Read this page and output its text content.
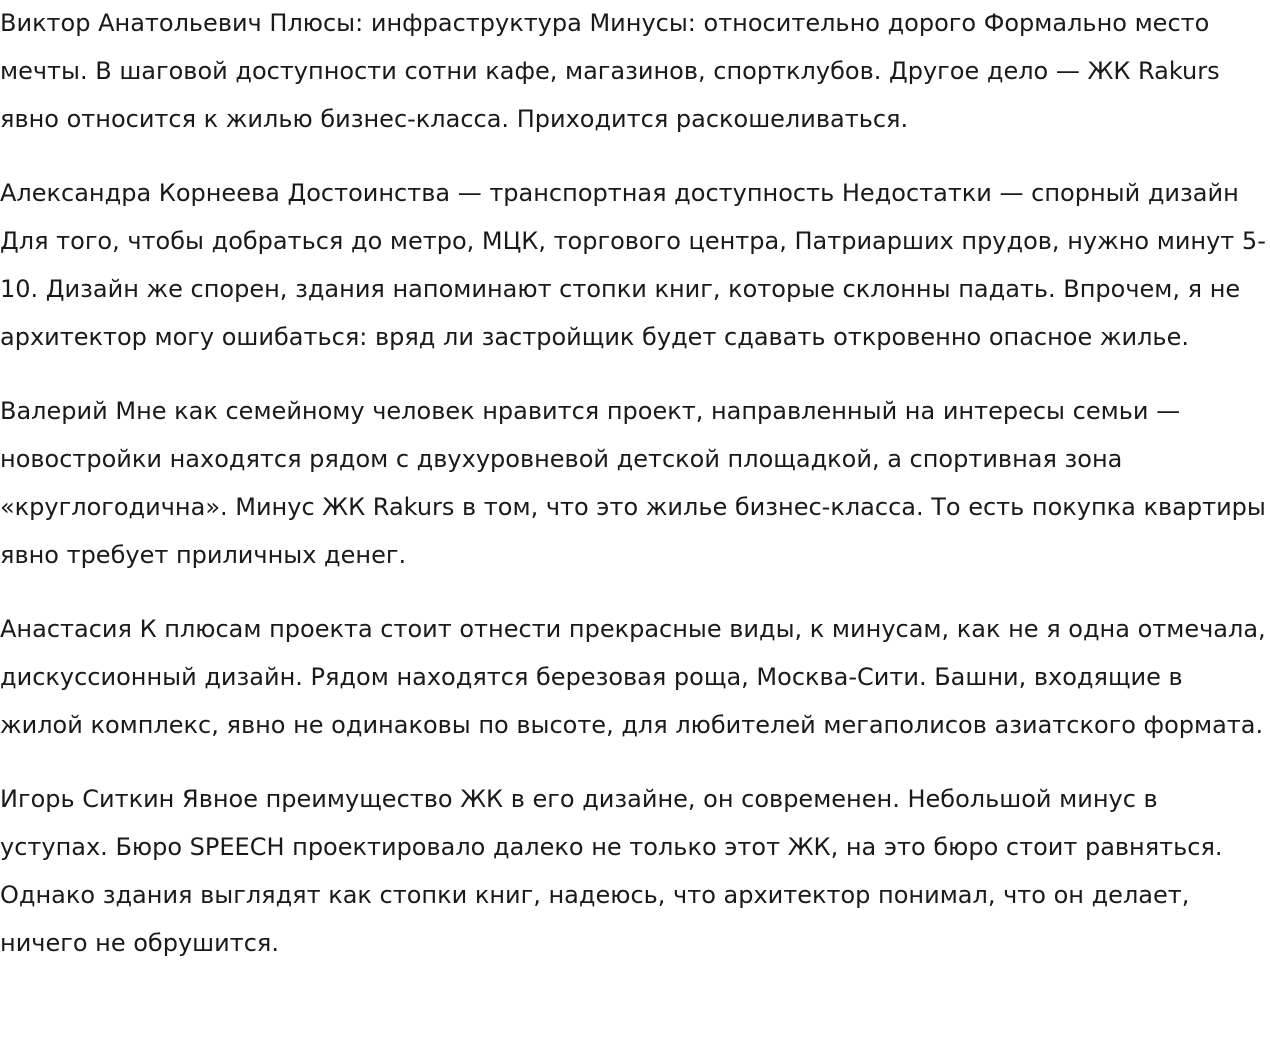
Виктор Анатольевич Плюсы: инфраструктура Минусы: относительно дорого Формально место мечты. В шаговой доступности сотни кафе, магазинов, спортклубов. Другое дело — ЖК Rakurs явно относится к жилью бизнес-класса. Приходится раскошеливаться.

Александра Корнеева Достоинства — транспортная доступность Недостатки — спорный дизайн Для того, чтобы добраться до метро, МЦК, торгового центра, Патриарших прудов, нужно минут 5-10. Дизайн же спорен, здания напоминают стопки книг, которые склонны падать. Впрочем, я не архитектор могу ошибаться: вряд ли застройщик будет сдавать откровенно опасное жилье.

Валерий Мне как семейному человек нравится проект, направленный на интересы семьи — новостройки находятся рядом с двухуровневой детской площадкой, а спортивная зона «круглогодична». Минус ЖК Rakurs в том, что это жилье бизнес-класса. То есть покупка квартиры явно требует приличных денег.

Анастасия К плюсам проекта стоит отнести прекрасные виды, к минусам, как не я одна отмечала, дискуссионный дизайн. Рядом находятся березовая роща, Москва-Сити. Башни, входящие в жилой комплекс, явно не одинаковы по высоте, для любителей мегаполисов азиатского формата.

Игорь Ситкин Явное преимущество ЖК в его дизайне, он современен. Небольшой минус в уступах. Бюро SPEECH проектировало далеко не только этот ЖК, на это бюро стоит равняться. Однако здания выглядят как стопки книг, надеюсь, что архитектор понимал, что он делает, ничего не обрушится.
